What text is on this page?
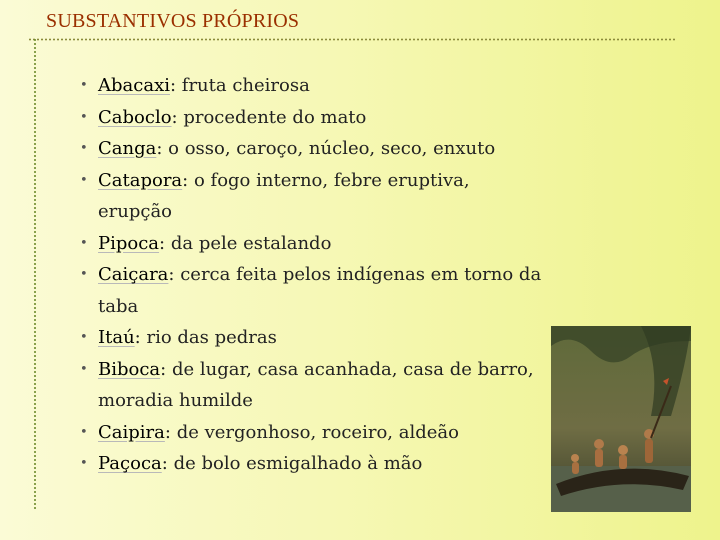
SUBSTANTIVOS PRÓPRIOS
• Abacaxi: fruta cheirosa
• Caboclo: procedente do mato
• Canga: o osso, caroço, núcleo, seco, enxuto
• Catapora: o fogo interno, febre eruptiva, erupção
• Pipoca: da pele estalando
• Caiçara: cerca feita pelos indígenas em torno da taba
• Itaú: rio das pedras
• Biboca: de lugar, casa acanhada, casa de barro, moradia humilde
• Caipira: de vergonhoso, roceiro, aldeão
• Paçoca: de bolo esmigalhado à mão
